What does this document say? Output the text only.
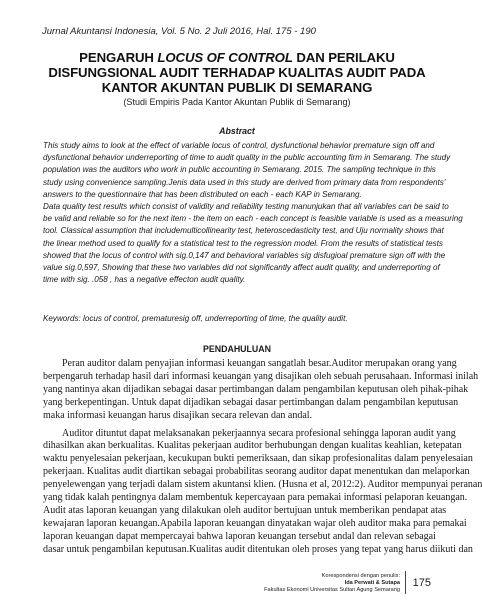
Jurnal Akuntansi Indonesia, Vol. 5 No. 2 Juli 2016, Hal. 175 - 190
PENGARUH LOCUS OF CONTROL DAN PERILAKU
DISFUNGSIONAL AUDIT TERHADAP KUALITAS AUDIT PADA
KANTOR AKUNTAN PUBLIK DI SEMARANG
(Studi Empiris Pada Kantor Akuntan Publik di Semarang)
Abstract
This study aims to look at the effect of variable locus of control, dysfunctional behavior premature sign off and
dysfunctional behavior underreporting of time to audit quality in the public accounting firm in Semarang. The study
population was the auditors who work in public accounting in Semarang. 2015. The sampling technique in this
study using convenience sampling.Jenis data used in this study are derived from primary data from respondents'
answers to the questionnaire that has been distributed on each - each KAP in Semarang.
Data quality test results which consist of validity and reliability testing manunjukan that all variables can be said to
be valid and reliable so for the next item - the item on each - each concept is feasible variable is used as a measuring
tool. Classical assumption that includemulticollinearity test, heteroscedasticity test, and Uju normality shows that
the linear method used to qualify for a statistical test to the regression model. From the results of statistical tests
showed that the locus of control with sig.0,147 and behavioral variables sig disfugioal premature sign off with the
value sig.0,597, Showing that these two variables did not significantly affect audit quality, and underreporting of
time with sig. .058 , has a negative effecton audit quality.
Keywords: locus of control, prematuresig off, underreporting of time, the quality audit.
PENDAHULUAN

Peran auditor dalam penyajian informasi keuangan sangatlah besar.Auditor merupakan orang yang
berpengaruh terhadap hasil dari informasi keuangan yang disajikan oleh sebuah perusahaan. Informasi inilah
yang nantinya akan dijadikan sebagai dasar pertimbangan dalam pengambilan keputusan oleh pihak-pihak
yang berkepentingan. Untuk dapat dijadikan sebagai dasar pertimbangan dalam pengambilan keputusan
maka informasi keuangan harus disajikan secara relevan dan andal.

Auditor dituntut dapat melaksanakan pekerjaannya secara profesional sehingga laporan audit yang
dihasilkan akan berkualitas. Kualitas pekerjaan auditor berhubungan dengan kualitas keahlian, ketepatan
waktu penyelesaian pekerjaan, kecukupan bukti pemeriksaan, dan sikap profesionalitas dalam penyelesaian
pekerjaan. Kualitas audit diartikan sebagai probabilitas seorang auditor dapat menentukan dan melaporkan
penyelewengan yang terjadi dalam sistem akuntansi klien. (Husna et al, 2012:2). Auditor mempunyai peranan
yang tidak kalah pentingnya dalam membentuk kepercayaan para pemakai informasi pelaporan keuangan.
Audit atas laporan keuangan yang dilakukan oleh auditor bertujuan untuk memberikan pendapat atas
kewajaran laporan keuangan.Apabila laporan keuangan dinyatakan wajar oleh auditor maka para pemakai
laporan keuangan dapat mempercayai bahwa laporan keuangan tersebut andal dan relevan sebagai
dasar untuk pengambilan keputusan.Kualitas audit ditentukan oleh proses yang tepat yang harus diikuti dan

Korespondensi dengan penulis:
Ida Perwati & Sutapa
Fakultas Ekonomi Universitas Sultan Agung Semarang
175
